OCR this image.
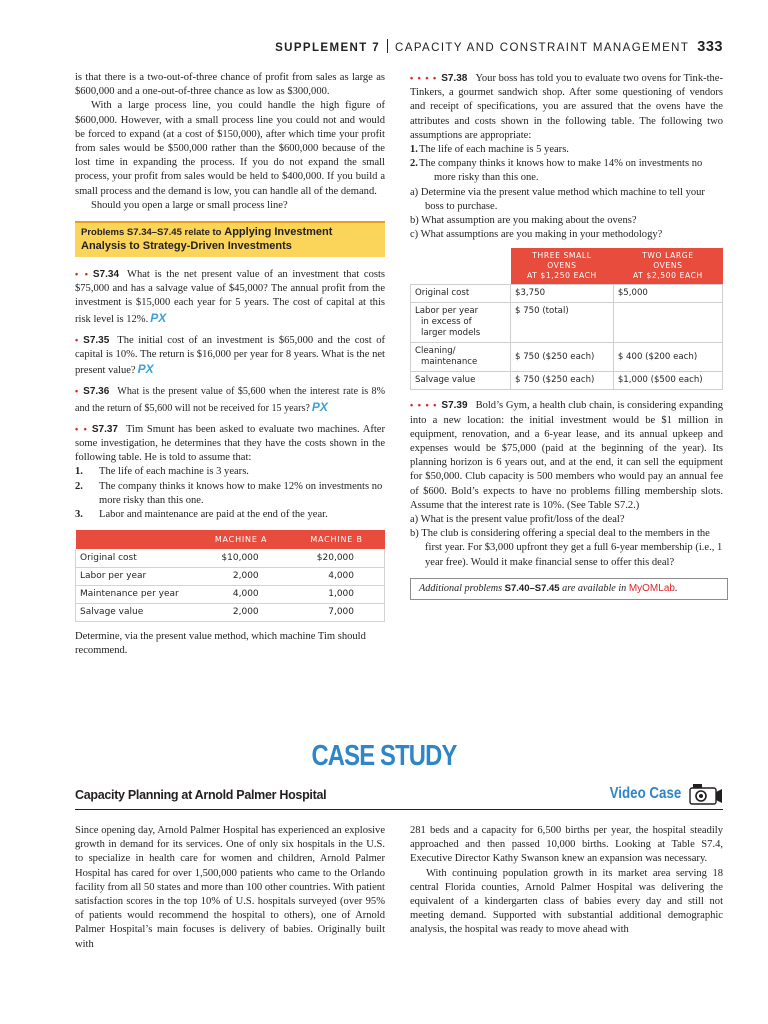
SUPPLEMENT 7 CAPACITY AND CONSTRAINT MANAGEMENT 333

is that there is a two-out-of-three chance of profit from sales as large as $600,000 and a one-out-of-three chance as low as $300,000.

With a large process line, you could handle the high figure of $600,000. However, with a small process line you could not and would be forced to expand (at a cost of $150,000), after which time your profit from sales would be $500,000 rather than the $600,000 because of the lost time in expanding the process. If you do not expand the small process, your profit from sales would be held to $400,000. If you build a small process and the demand is low, you can handle all of the demand.

Should you open a large or small process line?

Problems S7.34–S7.45 relate to Applying Investment Analysis to Strategy-Driven Investments

• • S7.34 What is the net present value of an investment that costs $75,000 and has a salvage value of $45,000? The annual profit from the investment is $15,000 each year for 5 years. The cost of capital at this risk level is 12%. PX

• S7.35 The initial cost of an investment is $65,000 and the cost of capital is 10%. The return is $16,000 per year for 8 years. What is the net present value? PX

• S7.36 What is the present value of $5,600 when the interest rate is 8% and the return of $5,600 will not be received for 15 years? PX

• • S7.37 Tim Smunt has been asked to evaluate two machines. After some investigation, he determines that they have the costs shown in the following table. He is told to assume that:

1. The life of each machine is 3 years.
2. The company thinks it knows how to make 12% on investments no more risky than this one.
3. Labor and maintenance are paid at the end of the year.
	MACHINE A	MACHINE B
Original cost	$10,000	$20,000
Labor per year	2,000	4,000
Maintenance per year	4,000	1,000
Salvage value	2,000	7,000

Determine, via the present value method, which machine Tim should recommend.

• • • • S7.38 Your boss has told you to evaluate two ovens for Tink-the-Tinkers, a gourmet sandwich shop. After some questioning of vendors and receipt of specifications, you are assured that the ovens have the attributes and costs shown in the following table. The following two assumptions are appropriate:

1.The life of each machine is 5 years.
2.The company thinks it knows how to make 14% on investments no more risky than this one.
a) Determine via the present value method which machine to tell your boss to purchase.
b) What assumption are you making about the ovens?
c) What assumptions are you making in your methodology?
	THREE SMALL
OVENS
AT $1,250 EACH	TWO LARGE
OVENS
AT $2,500 EACH

Original cost	$3,750	$5,000

Labor per year
in excess of
larger models	$ 750 (total)	

Cleaning/
maintenance	$ 750 ($250 each)	$ 400 ($200 each)

Salvage value	$ 750 ($250 each)	$1,000 ($500 each)

• • • • S7.39 Bold’s Gym, a health club chain, is considering expanding into a new location: the initial investment would be $1 million in equipment, renovation, and a 6-year lease, and its annual upkeep and expenses would be $75,000 (paid at the beginning of the year). Its planning horizon is 6 years out, and at the end, it can sell the equipment for $50,000. Club capacity is 500 members who would pay an annual fee of $600. Bold’s expects to have no problems filling membership slots. Assume that the interest rate is 10%. (See Table S7.2.)

a) What is the present value profit/loss of the deal?
b) The club is considering offering a special deal to the members in the first year. For $3,000 upfront they get a full 6-year membership (i.e., 1 year free). Would it make financial sense to offer this deal?
Additional problems S7.40–S7.45 are available in MyOMLab.
CASE STUDY
Capacity Planning at Arnold Palmer Hospital	Video Case

Since opening day, Arnold Palmer Hospital has experienced an explosive growth in demand for its services. One of only six hospitals in the U.S. to specialize in health care for women and children, Arnold Palmer Hospital has cared for over 1,500,000 patients who came to the Orlando facility from all 50 states and more than 100 other countries. With patient satisfaction scores in the top 10% of U.S. hospitals surveyed (over 95% of patients would recommend the hospital to others), one of Arnold Palmer Hospital’s main focuses is delivery of babies. Originally built with

281 beds and a capacity for 6,500 births per year, the hospital steadily approached and then passed 10,000 births. Looking at Table S7.4, Executive Director Kathy Swanson knew an expansion was necessary.

With continuing population growth in its market area serving 18 central Florida counties, Arnold Palmer Hospital was delivering the equivalent of a kindergarten class of babies every day and still not meeting demand. Supported with substantial additional demographic analysis, the hospital was ready to move ahead with
